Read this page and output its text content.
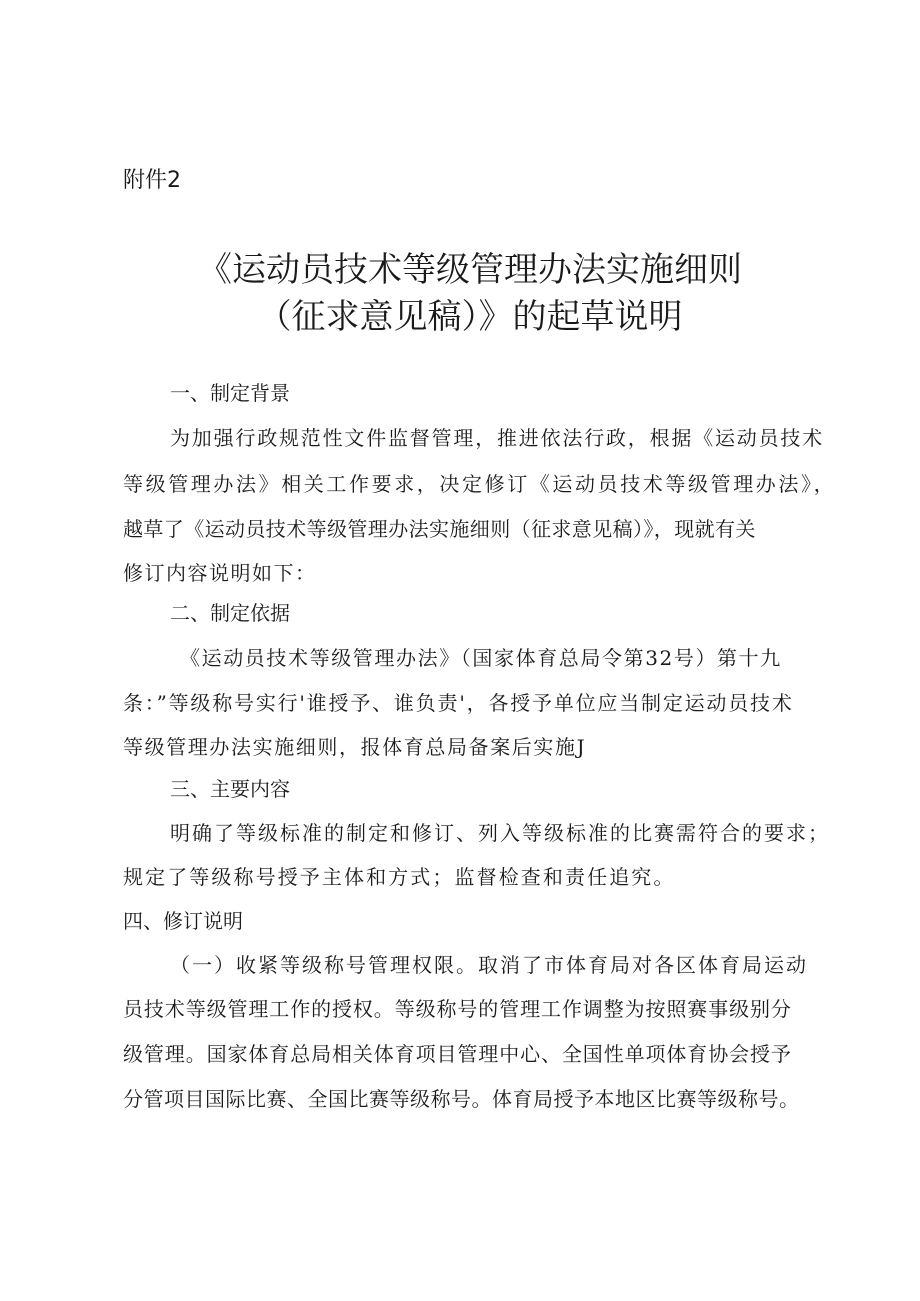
附件2
《运动员技术等级管理办法实施细则
（征求意见稿）》的起草说明
一、制定背景
为加强行政规范性文件监督管理，推进依法行政，根据《运动员技术
等级管理办法》相关工作要求，决定修订《运动员技术等级管理办法》，
越草了《运动员技术等级管理办法实施细则（征求意见稿）》，现就有关
修订内容说明如下：
二、制定依据
《运动员技术等级管理办法》（国家体育总局令第32号）第十九
条：”等级称号实行'谁授予、谁负责'，各授予单位应当制定运动员技术
等级管理办法实施细则，报体育总局备案后实施J
三、主要内容
明确了等级标准的制定和修订、列入等级标准的比赛需符合的要求；
规定了等级称号授予主体和方式；监督检查和责任追究。
四、修订说明
（一）收紧等级称号管理权限。取消了市体育局对各区体育局运动
员技术等级管理工作的授权。等级称号的管理工作调整为按照赛事级别分
级管理。国家体育总局相关体育项目管理中心、全国性单项体育协会授予
分管项目国际比赛、全国比赛等级称号。体育局授予本地区比赛等级称号。
